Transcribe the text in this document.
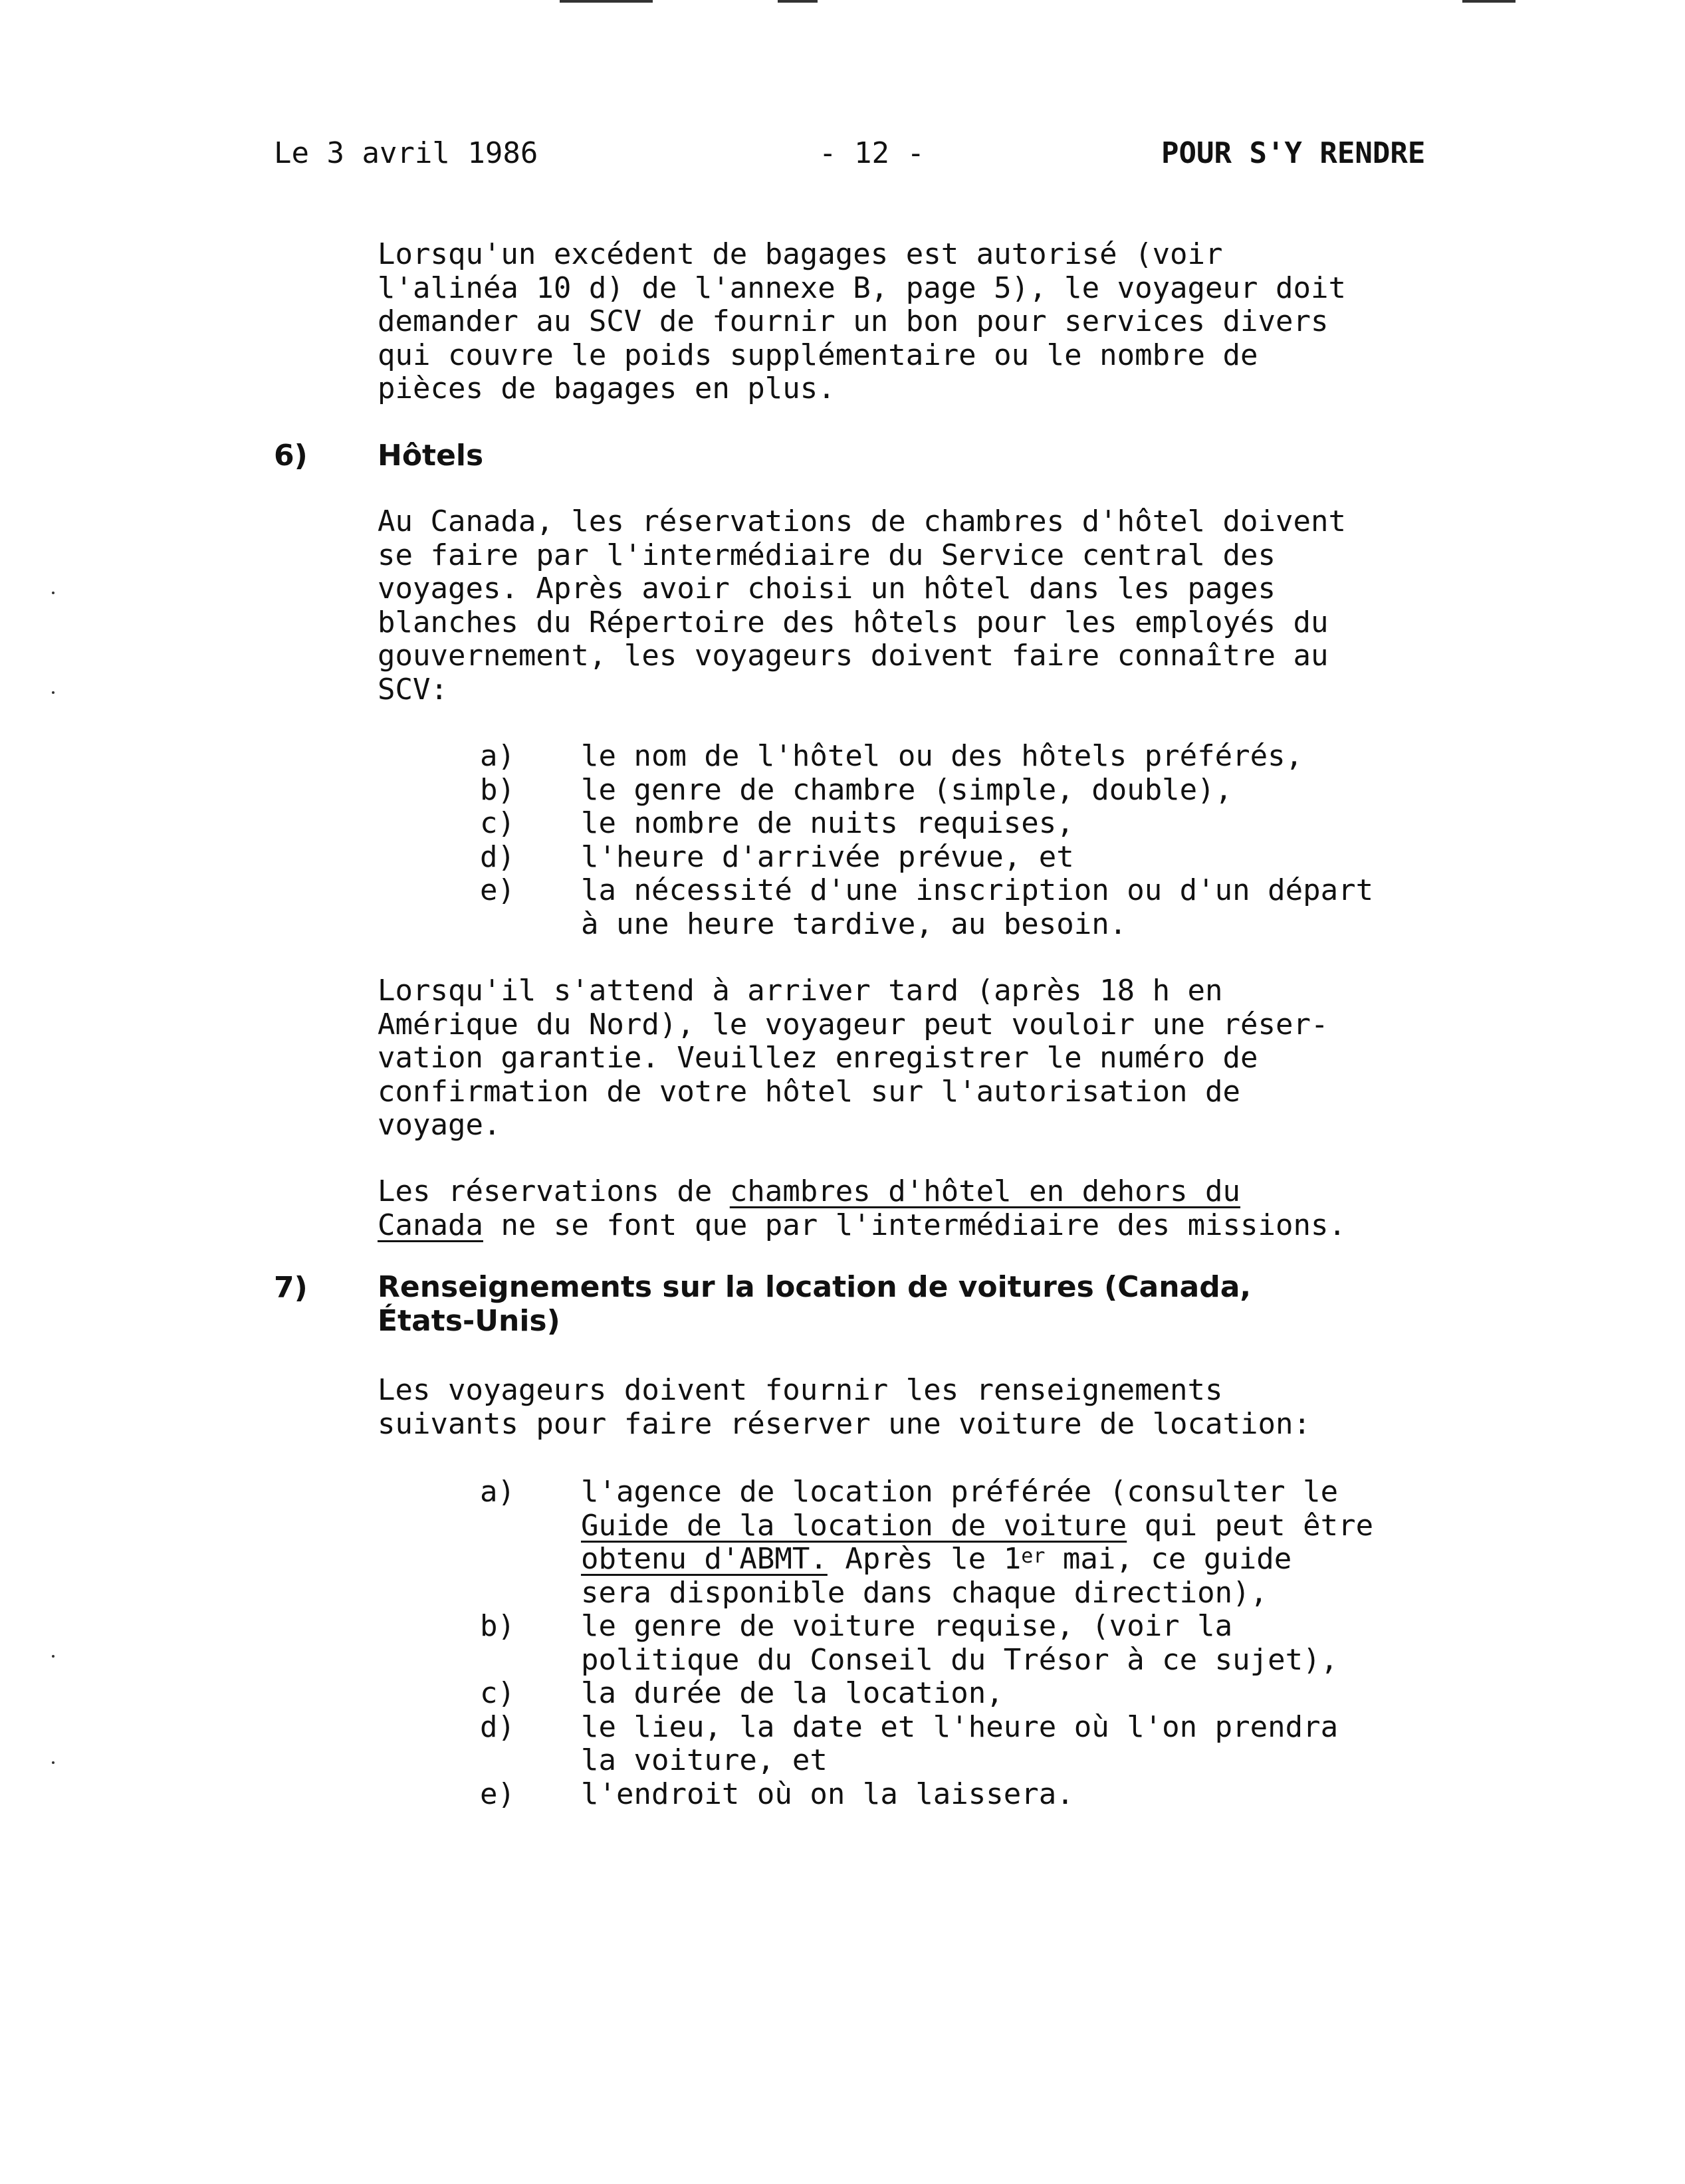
Le 3 avril 1986	- 12 -	POUR S'Y RENDRE
Lorsqu'un excédent de bagages est autorisé (voir
l'alinéa 10 d) de l'annexe B, page 5), le voyageur doit
demander au SCV de fournir un bon pour services divers
qui couvre le poids supplémentaire ou le nombre de
pièces de bagages en plus.
6) Hôtels
Au Canada, les réservations de chambres d'hôtel doivent
se faire par l'intermédiaire du Service central des
voyages. Après avoir choisi un hôtel dans les pages
blanches du Répertoire des hôtels pour les employés du
gouvernement, les voyageurs doivent faire connaître au
SCV:
a) le nom de l'hôtel ou des hôtels préférés,
b) le genre de chambre (simple, double),
c) le nombre de nuits requises,
d) l'heure d'arrivée prévue, et
e) la nécessité d'une inscription ou d'un départ
à une heure tardive, au besoin.
Lorsqu'il s'attend à arriver tard (après 18 h en
Amérique du Nord), le voyageur peut vouloir une réser-
vation garantie. Veuillez enregistrer le numéro de
confirmation de votre hôtel sur l'autorisation de
voyage.
Les réservations de chambres d'hôtel en dehors du
Canada ne se font que par l'intermédiaire des missions.
7) Renseignements sur la location de voitures (Canada,
États-Unis)
Les voyageurs doivent fournir les renseignements
suivants pour faire réserver une voiture de location:
a) l'agence de location préférée (consulter le
Guide de la location de voiture qui peut être
obtenu d'ABMT. Après le 1er mai, ce guide
sera disponible dans chaque direction),
b) le genre de voiture requise, (voir la
politique du Conseil du Trésor à ce sujet),
c) la durée de la location,
d) le lieu, la date et l'heure où l'on prendra
la voiture, et
e) l'endroit où on la laissera.
